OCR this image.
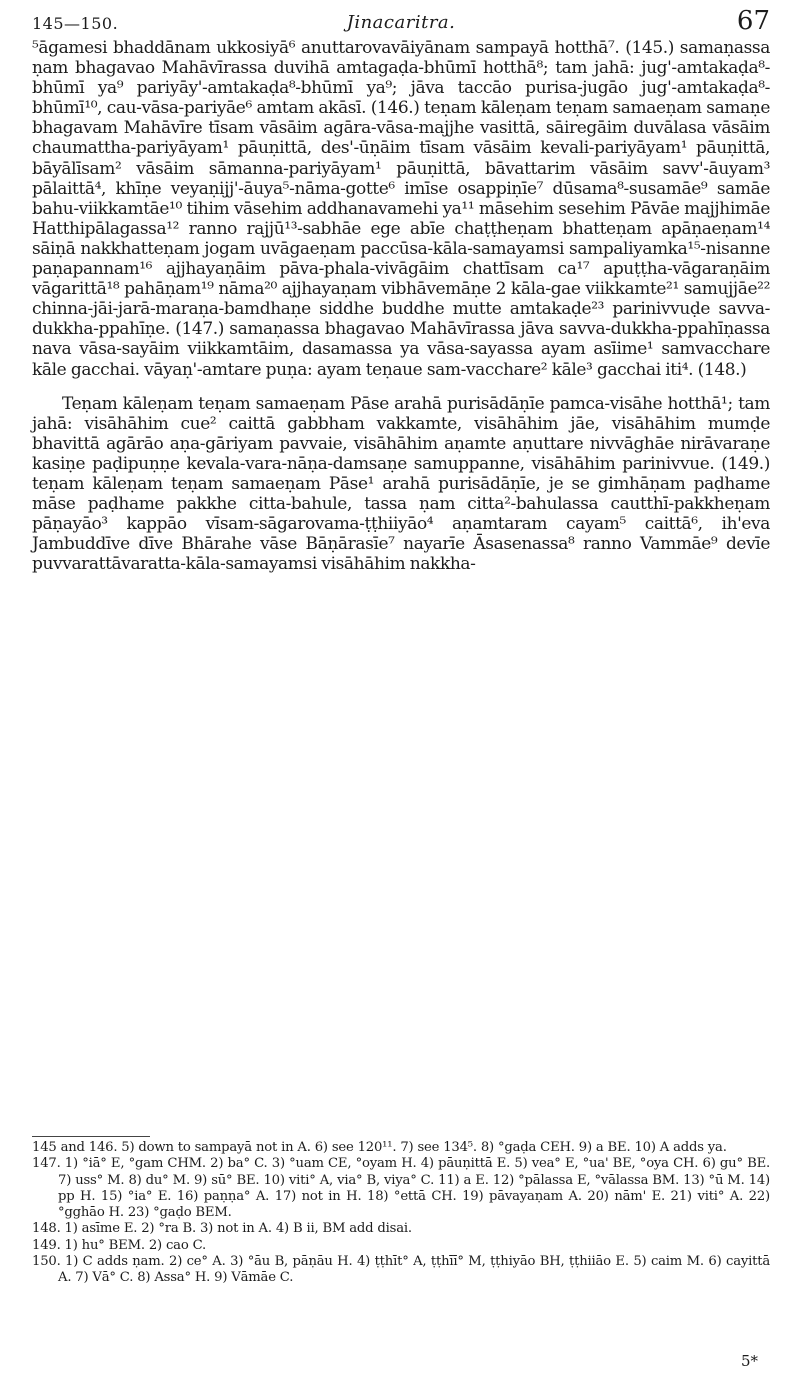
145—150.	Jinacaritra.	67

⁵āgamesi bhaddānam ukkosiyā⁶ anuttarovavāiyānam sampayā hotthā⁷. (145.) samaṇassa ṇam bhagavao Mahāvīrassa duvihā amtagaḍa-bhūmī hotthā⁸; tam jahā: jug'-amtakaḍa⁸-bhūmī ya⁹ pariyāy'-amtakaḍa⁸-bhūmī ya⁹; jāva taccāo purisa-jugāo jug'-amtakaḍa⁸-bhūmī¹⁰, cau-vāsa-pariyāe⁶ amtam akāsī. (146.) teṇam kāleṇam teṇam samaeṇam samaṇe bhagavam Mahāvīre tīsam vāsāim agāra-vāsa-majjhe vasittā, sāiregāim duvālasa vāsāim chaumattha-pariyāyam¹ pāuṇittā, des'-ūṇāim tīsam vāsāim kevali-pariyāyam¹ pāuṇittā, bāyālīsam² vāsāim sāmanna-pariyāyam¹ pāuṇittā, bāvattarim vāsāim savv'-āuyam³ pālaittā⁴, khīṇe veyaṇijj'-āuya⁵-nāma-gotte⁶ imīse osappiṇīe⁷ dūsama⁸-susamāe⁹ samāe bahu-viikkamtāe¹⁰ tihim vāsehim addhanavamehi ya¹¹ māsehim sesehim Pāvāe majjhimāe Hatthipālagassa¹² ranno rajjū¹³-sabhāe ege abīe chaṭṭheṇam bhatteṇam apāṇaeṇam¹⁴ sāiṇā nakkhatteṇam jogam uvāgaeṇam paccūsa-kāla-samayamsi sampaliyamka¹⁵-nisanne paṇapannam¹⁶ ajjhayaṇāim pāva-phala-vivāgāim chattīsam ca¹⁷ apuṭṭha-vāgaraṇāim vāgarittā¹⁸ pahāṇam¹⁹ nāma²⁰ ajjhayaṇam vibhāvemāṇe 2 kāla-gae viikkamte²¹ samujjāe²² chinna-jāi-jarā-maraṇa-bamdhaṇe siddhe buddhe mutte amtakaḍe²³ parinivvuḍe savva-dukkha-ppahīṇe. (147.) samaṇassa bhagavao Mahāvīrassa jāva savva-dukkha-ppahīṇassa nava vāsa-sayāim viikkamtāim, dasamassa ya vāsa-sayassa ayam asīime¹ samvacchare kāle gacchai. vāyaṇ'-amtare puṇa: ayam teṇaue sam-vacchare² kāle³ gacchai iti⁴. (148.)

Teṇam kāleṇam teṇam samaeṇam Pāse arahā purisādāṇīe pamca-visāhe hotthā¹; tam jahā: visāhāhim cue² caittā gabbham vakkamte, visāhāhim jāe, visāhāhim mumḍe bhavittā agārāo aṇa-gāriyam pavvaie, visāhāhim aṇamte aṇuttare nivvāghāe nirāvaraṇe kasiṇe paḍipuṇṇe kevala-vara-nāṇa-damsaṇe samuppanne, visāhāhim parinivvue. (149.) teṇam kāleṇam teṇam samaeṇam Pāse¹ arahā purisādāṇīe, je se gimhāṇam paḍhame māse paḍhame pakkhe citta-bahule, tassa ṇam citta²-bahulassa cautthī-pakkheṇam pāṇayāo³ kappāo vīsam-sāgarovama-ṭṭhiiyāo⁴ aṇamtaram cayam⁵ caittā⁶, ih'eva Jambuddīve dīve Bhārahe vāse Bāṇārasīe⁷ nayarīe Āsasenassa⁸ ranno Vammāe⁹ devīe puvvarattāvaratta-kāla-samayamsi visāhāhim nakkha-

145 and 146. 5) down to sampayā not in A. 6) see 120¹¹. 7) see 134⁵. 8) °gaḍa CEH. 9) a BE. 10) A adds ya.

147. 1) °iā° E, °gam CHM. 2) ba° C. 3) °uam CE, °oyam H. 4) pāuṇittā E. 5) vea° E, °ua' BE, °oya CH. 6) gu° BE. 7) uss° M. 8) du° M. 9) sū° BE. 10) viti° A, via° B, viya° C. 11) a E. 12) °pālassa E, °vālassa BM. 13) °ū M. 14) pp H. 15) °ia° E. 16) paṇṇa° A. 17) not in H. 18) °ettā CH. 19) pāvayaṇam A. 20) nām' E. 21) viti° A. 22) °gghāo H. 23) °gaḍo BEM.

148. 1) asīme E. 2) °ra B. 3) not in A. 4) B ii, BM add disai.

149. 1) hu° BEM. 2) cao C.

150. 1) C adds ṇam. 2) ce° A. 3) °āu B, pāṇāu H. 4) ṭṭhīt° A, ṭṭhīī° M, ṭṭhiyāo BH, ṭṭhiiāo E. 5) caim M. 6) cayittā A. 7) Vā° C. 8) Assa° H. 9) Vāmāe C.

5*
